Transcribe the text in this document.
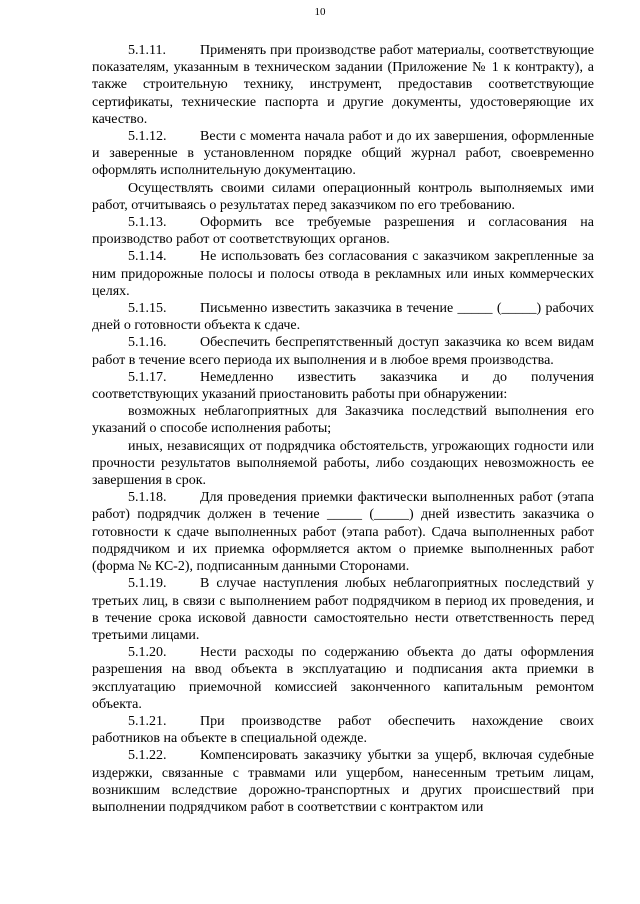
10

5.1.11. Применять при производстве работ материалы, соответствующие показателям, указанным в техническом задании (Приложение № 1 к контракту), а также строительную технику, инструмент, предоставив соответствующие сертификаты, технические паспорта и другие документы, удостоверяющие их качество.

5.1.12. Вести с момента начала работ и до их завершения, оформленные и заверенные в установленном порядке общий журнал работ, своевременно оформлять исполнительную документацию.

Осуществлять своими силами операционный контроль выполняемых ими работ, отчитываясь о результатах перед заказчиком по его требованию.

5.1.13. Оформить все требуемые разрешения и согласования на производство работ от соответствующих органов.

5.1.14. Не использовать без согласования с заказчиком закрепленные за ним придорожные полосы и полосы отвода в рекламных или иных коммерческих целях.

5.1.15. Письменно известить заказчика в течение _____ (_____) рабочих дней о готовности объекта к сдаче.

5.1.16. Обеспечить беспрепятственный доступ заказчика ко всем видам работ в течение всего периода их выполнения и в любое время производства.

5.1.17. Немедленно известить заказчика и до получения соответствующих указаний приостановить работы при обнаружении:

возможных неблагоприятных для Заказчика последствий выполнения его указаний о способе исполнения работы;

иных, независящих от подрядчика обстоятельств, угрожающих годности или прочности результатов выполняемой работы, либо создающих невозможность ее завершения в срок.

5.1.18. Для проведения приемки фактически выполненных работ (этапа работ) подрядчик должен в течение _____ (_____) дней известить заказчика о готовности к сдаче выполненных работ (этапа работ). Сдача выполненных работ подрядчиком и их приемка оформляется актом о приемке выполненных работ (форма № КС-2), подписанным данными Сторонами.

5.1.19. В случае наступления любых неблагоприятных последствий у третьих лиц, в связи с выполнением работ подрядчиком в период их проведения, и в течение срока исковой давности самостоятельно нести ответственность перед третьими лицами.

5.1.20. Нести расходы по содержанию объекта до даты оформления разрешения на ввод объекта в эксплуатацию и подписания акта приемки в эксплуатацию приемочной комиссией законченного капитальным ремонтом объекта.

5.1.21. При производстве работ обеспечить нахождение своих работников на объекте в специальной одежде.

5.1.22. Компенсировать заказчику убытки за ущерб, включая судебные издержки, связанные с травмами или ущербом, нанесенным третьим лицам, возникшим вследствие дорожно-транспортных и других происшествий при выполнении подрядчиком работ в соответствии с контрактом или
